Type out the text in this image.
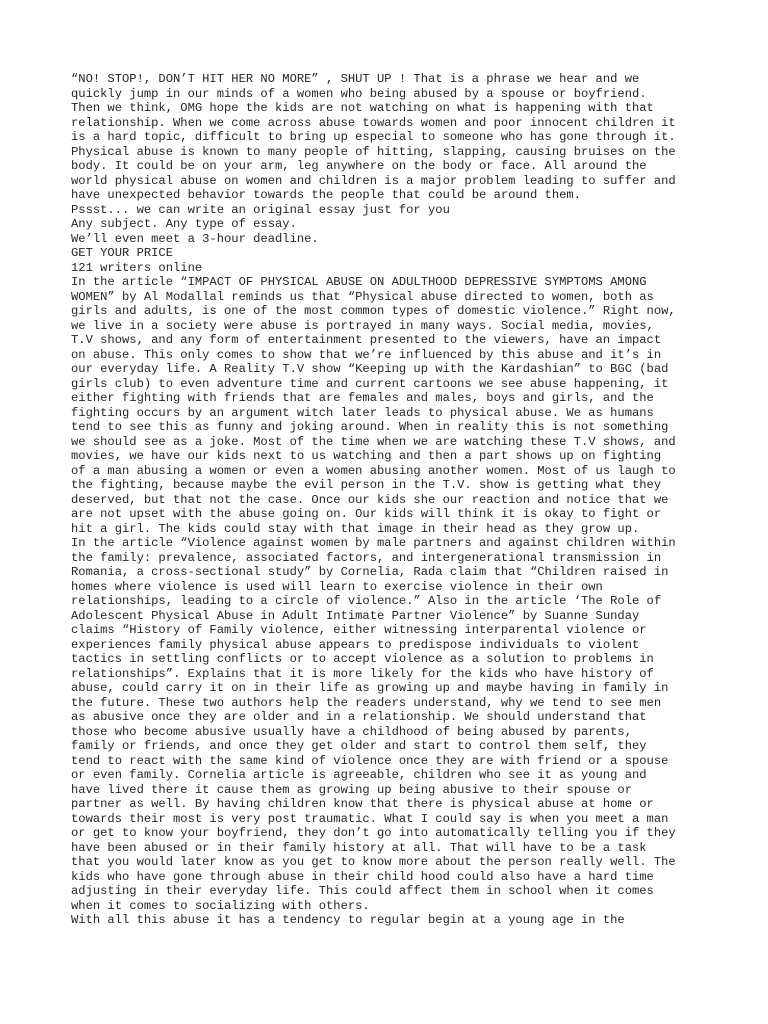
“NO! STOP!, DON’T HIT HER NO MORE” , SHUT UP ! That is a phrase we hear and we
quickly jump in our minds of a women who being abused by a spouse or boyfriend.
Then we think, OMG hope the kids are not watching on what is happening with that
relationship. When we come across abuse towards women and poor innocent children it
is a hard topic, difficult to bring up especial to someone who has gone through it.
Physical abuse is known to many people of hitting, slapping, causing bruises on the
body. It could be on your arm, leg anywhere on the body or face. All around the
world physical abuse on women and children is a major problem leading to suffer and
have unexpected behavior towards the people that could be around them.
Pssst... we can write an original essay just for you
Any subject. Any type of essay.
We’ll even meet a 3-hour deadline.
GET YOUR PRICE
121 writers online
In the article “IMPACT OF PHYSICAL ABUSE ON ADULTHOOD DEPRESSIVE SYMPTOMS AMONG
WOMEN” by Al Modallal reminds us that “Physical abuse directed to women, both as
girls and adults, is one of the most common types of domestic violence.” Right now,
we live in a society were abuse is portrayed in many ways. Social media, movies,
T.V shows, and any form of entertainment presented to the viewers, have an impact
on abuse. This only comes to show that we’re influenced by this abuse and it’s in
our everyday life. A Reality T.V show “Keeping up with the Kardashian” to BGC (bad
girls club) to even adventure time and current cartoons we see abuse happening, it
either fighting with friends that are females and males, boys and girls, and the
fighting occurs by an argument witch later leads to physical abuse. We as humans
tend to see this as funny and joking around. When in reality this is not something
we should see as a joke. Most of the time when we are watching these T.V shows, and
movies, we have our kids next to us watching and then a part shows up on fighting
of a man abusing a women or even a women abusing another women. Most of us laugh to
the fighting, because maybe the evil person in the T.V. show is getting what they
deserved, but that not the case. Once our kids she our reaction and notice that we
are not upset with the abuse going on. Our kids will think it is okay to fight or
hit a girl. The kids could stay with that image in their head as they grow up.
In the article “Violence against women by male partners and against children within
the family: prevalence, associated factors, and intergenerational transmission in
Romania, a cross-sectional study” by Cornelia, Rada claim that “Children raised in
homes where violence is used will learn to exercise violence in their own
relationships, leading to a circle of violence.” Also in the article ‘The Role of
Adolescent Physical Abuse in Adult Intimate Partner Violence” by Suanne Sunday
claims “History of Family violence, either witnessing interparental violence or
experiences family physical abuse appears to predispose individuals to violent
tactics in settling conflicts or to accept violence as a solution to problems in
relationships”. Explains that it is more likely for the kids who have history of
abuse, could carry it on in their life as growing up and maybe having in family in
the future. These two authors help the readers understand, why we tend to see men
as abusive once they are older and in a relationship. We should understand that
those who become abusive usually have a childhood of being abused by parents,
family or friends, and once they get older and start to control them self, they
tend to react with the same kind of violence once they are with friend or a spouse
or even family. Cornelia article is agreeable, children who see it as young and
have lived there it cause them as growing up being abusive to their spouse or
partner as well. By having children know that there is physical abuse at home or
towards their most is very post traumatic. What I could say is when you meet a man
or get to know your boyfriend, they don’t go into automatically telling you if they
have been abused or in their family history at all. That will have to be a task
that you would later know as you get to know more about the person really well. The
kids who have gone through abuse in their child hood could also have a hard time
adjusting in their everyday life. This could affect them in school when it comes
when it comes to socializing with others.
With all this abuse it has a tendency to regular begin at a young age in the
